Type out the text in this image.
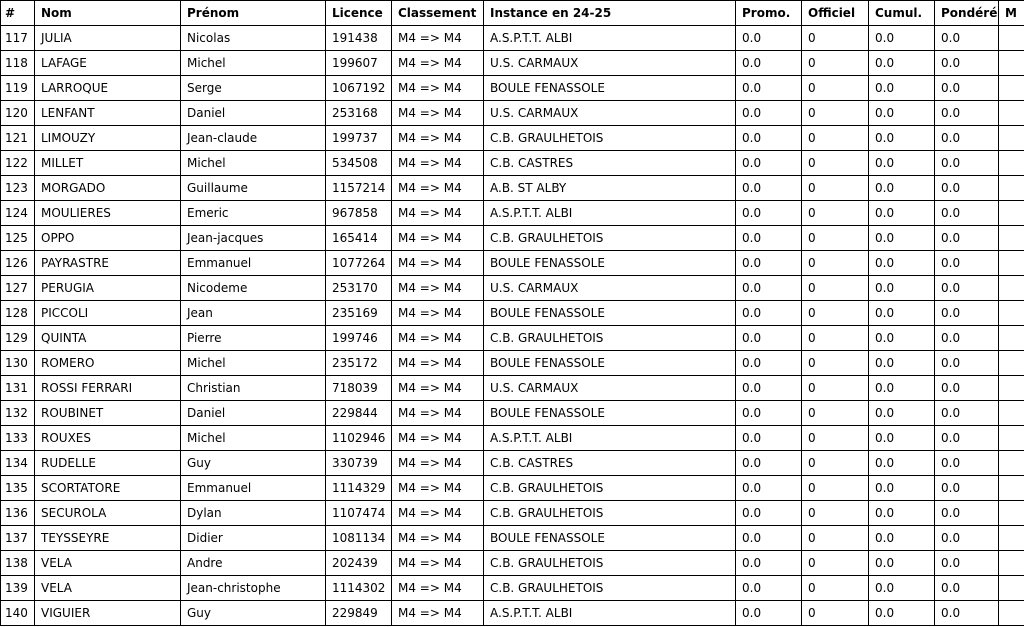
#	Nom	Prénom	Licence	Classement	Instance en 24-25	Promo.	Officiel	Cumul.	Pondéré	M
117	JULIA	Nicolas	191438	M4 => M4	A.S.P.T.T. ALBI	0.0	0	0.0	0.0	
118	LAFAGE	Michel	199607	M4 => M4	U.S. CARMAUX	0.0	0	0.0	0.0	
119	LARROQUE	Serge	1067192	M4 => M4	BOULE FENASSOLE	0.0	0	0.0	0.0	
120	LENFANT	Daniel	253168	M4 => M4	U.S. CARMAUX	0.0	0	0.0	0.0	
121	LIMOUZY	Jean-claude	199737	M4 => M4	C.B. GRAULHETOIS	0.0	0	0.0	0.0	
122	MILLET	Michel	534508	M4 => M4	C.B. CASTRES	0.0	0	0.0	0.0	
123	MORGADO	Guillaume	1157214	M4 => M4	A.B. ST ALBY	0.0	0	0.0	0.0	
124	MOULIERES	Emeric	967858	M4 => M4	A.S.P.T.T. ALBI	0.0	0	0.0	0.0	
125	OPPO	Jean-jacques	165414	M4 => M4	C.B. GRAULHETOIS	0.0	0	0.0	0.0	
126	PAYRASTRE	Emmanuel	1077264	M4 => M4	BOULE FENASSOLE	0.0	0	0.0	0.0	
127	PERUGIA	Nicodeme	253170	M4 => M4	U.S. CARMAUX	0.0	0	0.0	0.0	
128	PICCOLI	Jean	235169	M4 => M4	BOULE FENASSOLE	0.0	0	0.0	0.0	
129	QUINTA	Pierre	199746	M4 => M4	C.B. GRAULHETOIS	0.0	0	0.0	0.0	
130	ROMERO	Michel	235172	M4 => M4	BOULE FENASSOLE	0.0	0	0.0	0.0	
131	ROSSI FERRARI	Christian	718039	M4 => M4	U.S. CARMAUX	0.0	0	0.0	0.0	
132	ROUBINET	Daniel	229844	M4 => M4	BOULE FENASSOLE	0.0	0	0.0	0.0	
133	ROUXES	Michel	1102946	M4 => M4	A.S.P.T.T. ALBI	0.0	0	0.0	0.0	
134	RUDELLE	Guy	330739	M4 => M4	C.B. CASTRES	0.0	0	0.0	0.0	
135	SCORTATORE	Emmanuel	1114329	M4 => M4	C.B. GRAULHETOIS	0.0	0	0.0	0.0	
136	SECUROLA	Dylan	1107474	M4 => M4	C.B. GRAULHETOIS	0.0	0	0.0	0.0	
137	TEYSSEYRE	Didier	1081134	M4 => M4	BOULE FENASSOLE	0.0	0	0.0	0.0	
138	VELA	Andre	202439	M4 => M4	C.B. GRAULHETOIS	0.0	0	0.0	0.0	
139	VELA	Jean-christophe	1114302	M4 => M4	C.B. GRAULHETOIS	0.0	0	0.0	0.0	
140	VIGUIER	Guy	229849	M4 => M4	A.S.P.T.T. ALBI	0.0	0	0.0	0.0	
